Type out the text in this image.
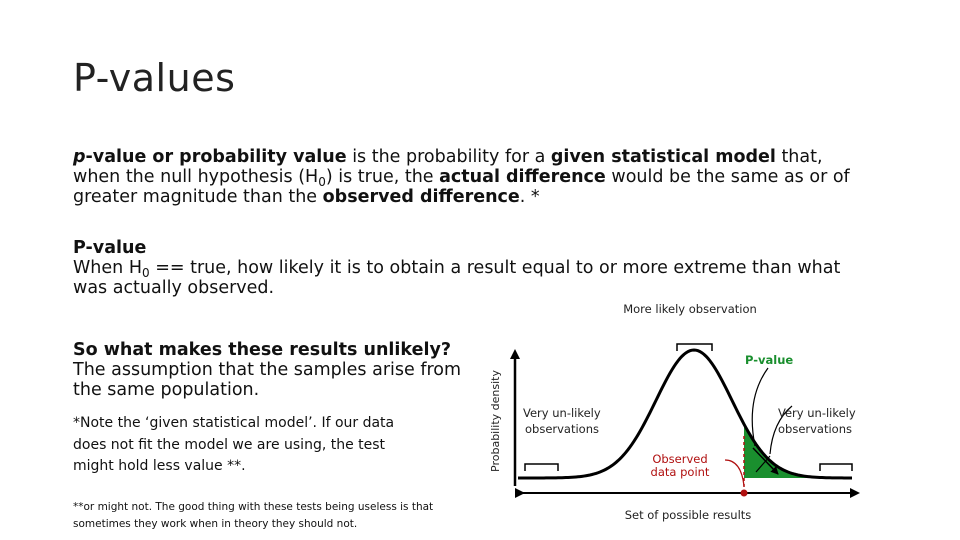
P-values
p-value or probability value is the probability for a given statistical model that, when the null hypothesis $(H_0)$ is true, the actual difference would be the same as or of greater magnitude than the observed difference. *
P-value
When $H_0$ == true, how likely it is to obtain a result equal to or more extreme than what was actually observed.
So what makes these results unlikely?
The assumption that the samples arise from the same population.
*Note the ‘given statistical model’. If our data does not fit the model we are using, the test might hold less value **.
**or might not. The good thing with these tests being useless is that sometimes they work when in theory they should not.
More likely observation
Probability density
P-value
Very un-likely
observations
Very un-likely
observations
Observed
data point
Set of possible results
